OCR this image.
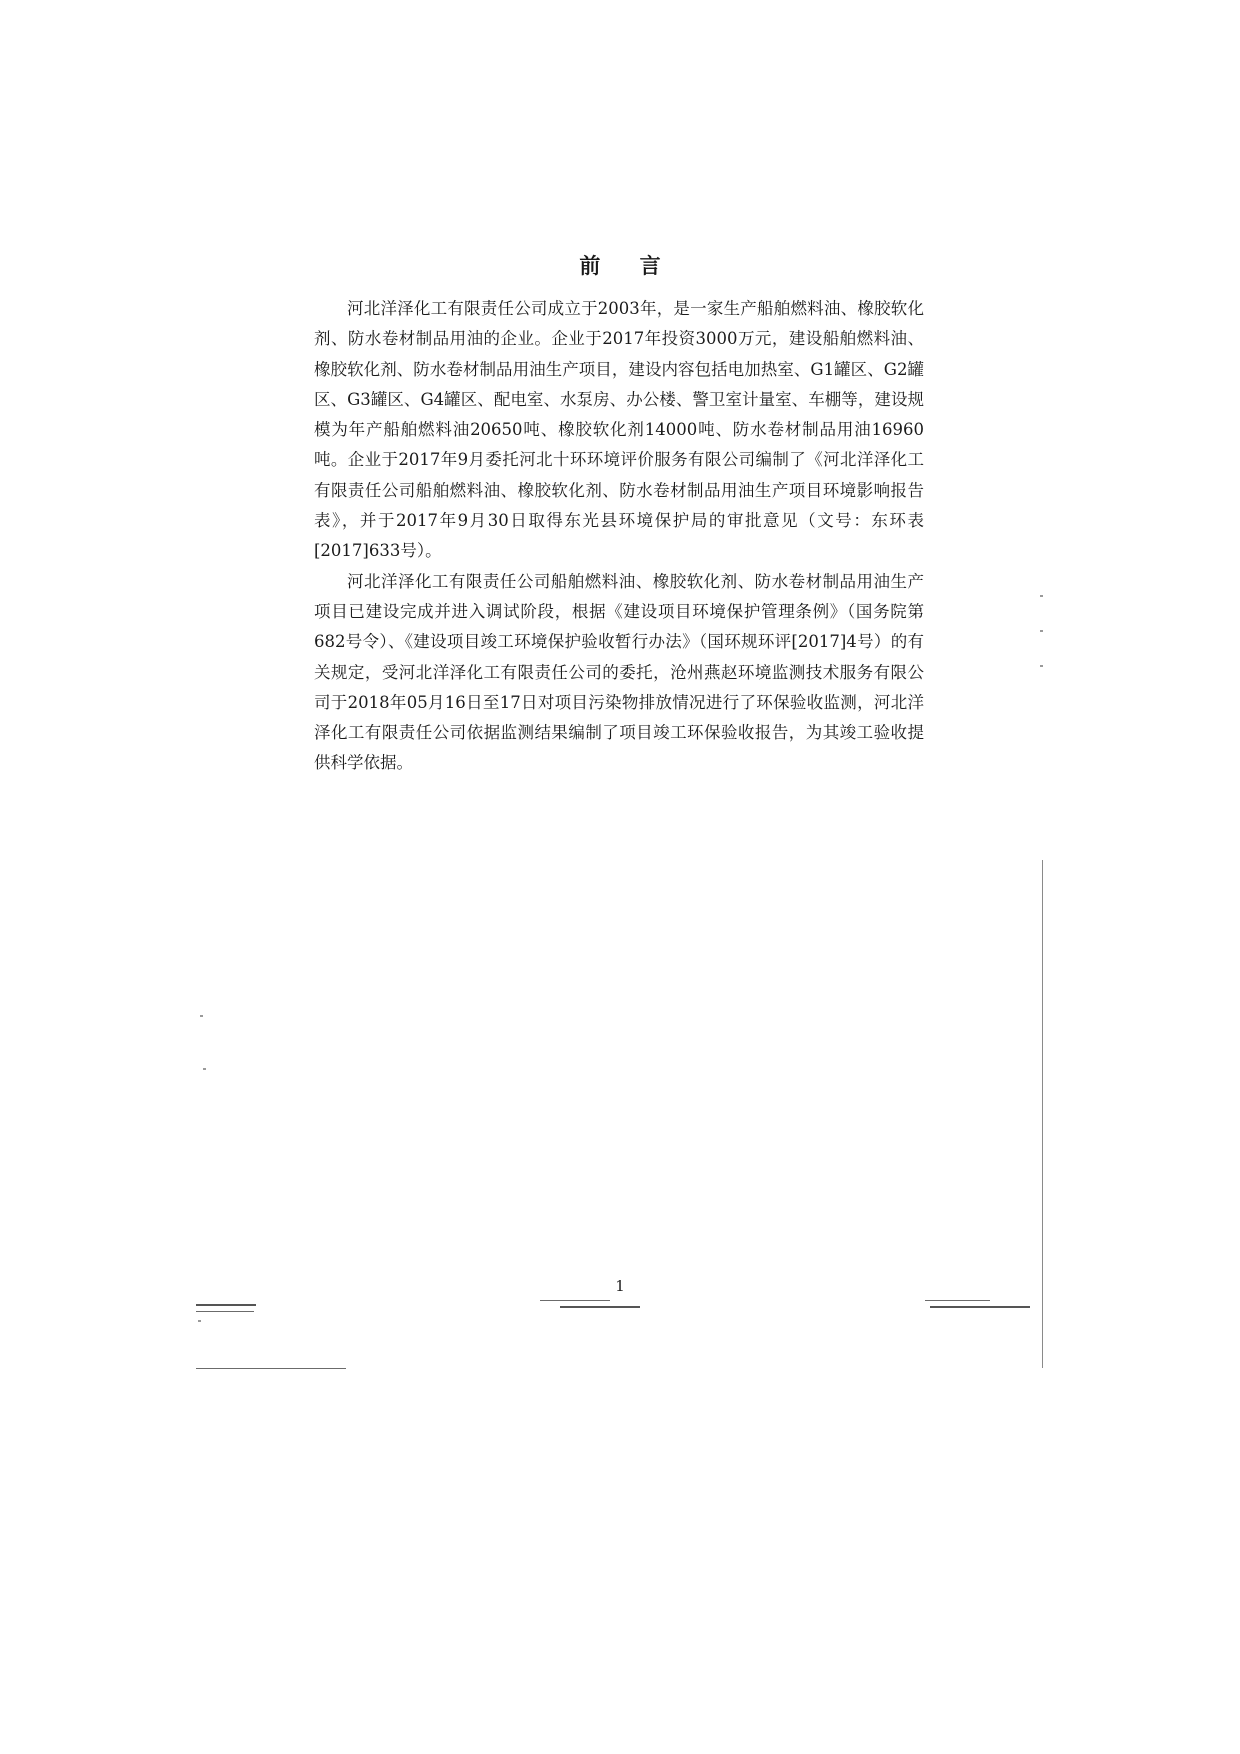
前 言

河北洋泽化工有限责任公司成立于2003年，是一家生产船舶燃料油、橡胶软化剂、防水卷材制品用油的企业。企业于2017年投资3000万元，建设船舶燃料油、橡胶软化剂、防水卷材制品用油生产项目，建设内容包括电加热室、G1罐区、G2罐区、G3罐区、G4罐区、配电室、水泵房、办公楼、警卫室计量室、车棚等，建设规模为年产船舶燃料油20650吨、橡胶软化剂14000吨、防水卷材制品用油16960吨。企业于2017年9月委托河北十环环境评价服务有限公司编制了《河北洋泽化工有限责任公司船舶燃料油、橡胶软化剂、防水卷材制品用油生产项目环境影响报告表》，并于2017年9月30日取得东光县环境保护局的审批意见（文号：东环表[2017]633号）。

河北洋泽化工有限责任公司船舶燃料油、橡胶软化剂、防水卷材制品用油生产项目已建设完成并进入调试阶段，根据《建设项目环境保护管理条例》（国务院第682号令）、《建设项目竣工环境保护验收暂行办法》（国环规环评[2017]4号）的有关规定，受河北洋泽化工有限责任公司的委托，沧州燕赵环境监测技术服务有限公司于2018年05月16日至17日对项目污染物排放情况进行了环保验收监测，河北洋泽化工有限责任公司依据监测结果编制了项目竣工环保验收报告，为其竣工验收提供科学依据。

1
